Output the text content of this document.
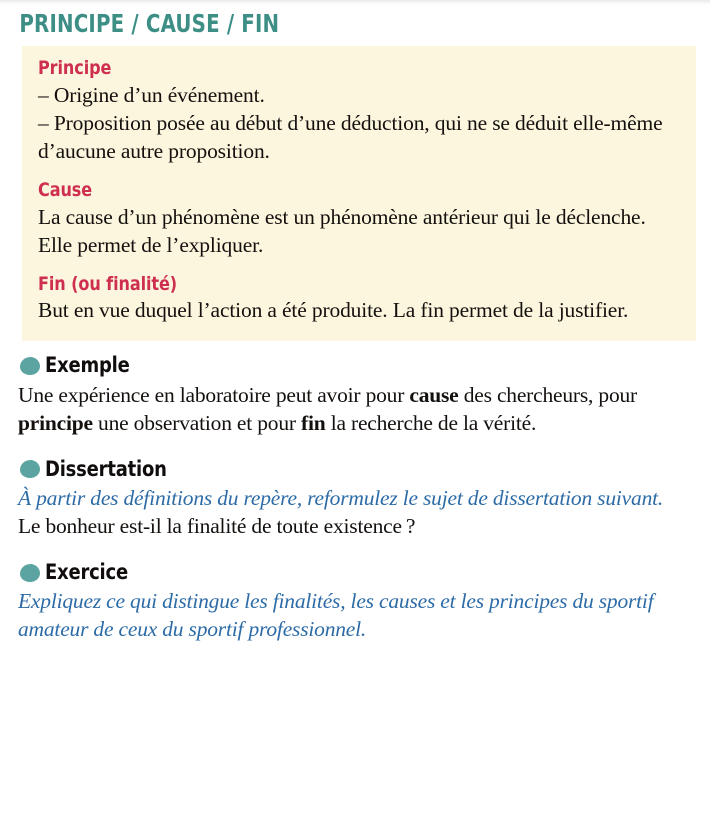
PRINCIPE / CAUSE / FIN
Principe

– Origine d’un événement.
– Proposition posée au début d’une déduction, qui ne se déduit elle-même d’aucune autre proposition.

Cause

La cause d’un phénomène est un phénomène antérieur qui le déclenche. Elle permet de l’expliquer.

Fin (ou finalité)

But en vue duquel l’action a été produite. La fin permet de la justifier.

Exemple

Une expérience en laboratoire peut avoir pour cause des chercheurs, pour principe une observation et pour fin la recherche de la vérité.

Dissertation

À partir des définitions du repère, reformulez le sujet de dissertation suivant.

Le bonheur est-il la finalité de toute existence ?

Exercice

Expliquez ce qui distingue les finalités, les causes et les principes du sportif amateur de ceux du sportif professionnel.
